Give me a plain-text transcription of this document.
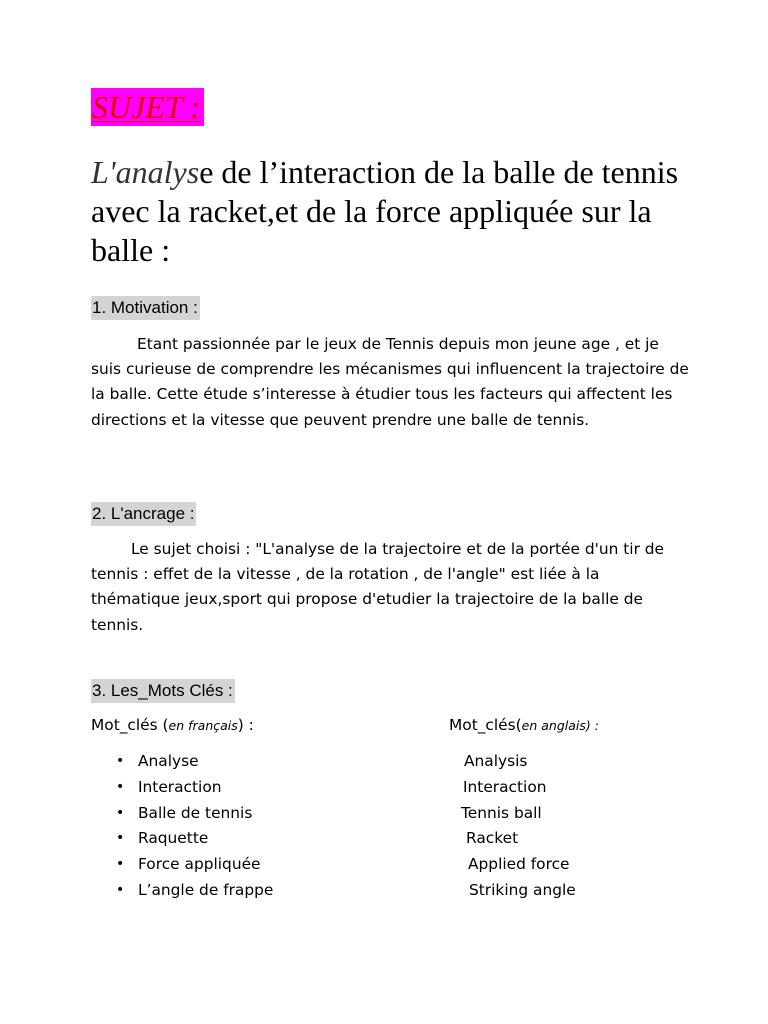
SUJET :
L'analyse de l’interaction de la balle de tennis avec la racket,et de la force appliquée sur la balle :
1. Motivation :

Etant passionnée par le jeux de Tennis depuis mon jeune age , et je suis curieuse de comprendre les mécanismes qui influencent la trajectoire de la balle. Cette étude s’interesse à étudier tous les facteurs qui affectent les directions et la vitesse que peuvent prendre une balle de tennis.

2. L'ancrage :

Le sujet choisi : "L'analyse de la trajectoire et de la portée d'un tir de tennis : effet de la vitesse , de la rotation , de l'angle" est liée à la thématique jeux,sport qui propose d'etudier la trajectoire de la balle de tennis.

3. Les_Mots Clés :
Mot_clés (en français) :	Mot_clés(en anglais) :
• Analyse
• Interaction
• Balle de tennis
• Raquette
• Force appliquée
• L’angle de frappe
Analysis
Interaction
Tennis ball
Racket
Applied force
Striking angle
